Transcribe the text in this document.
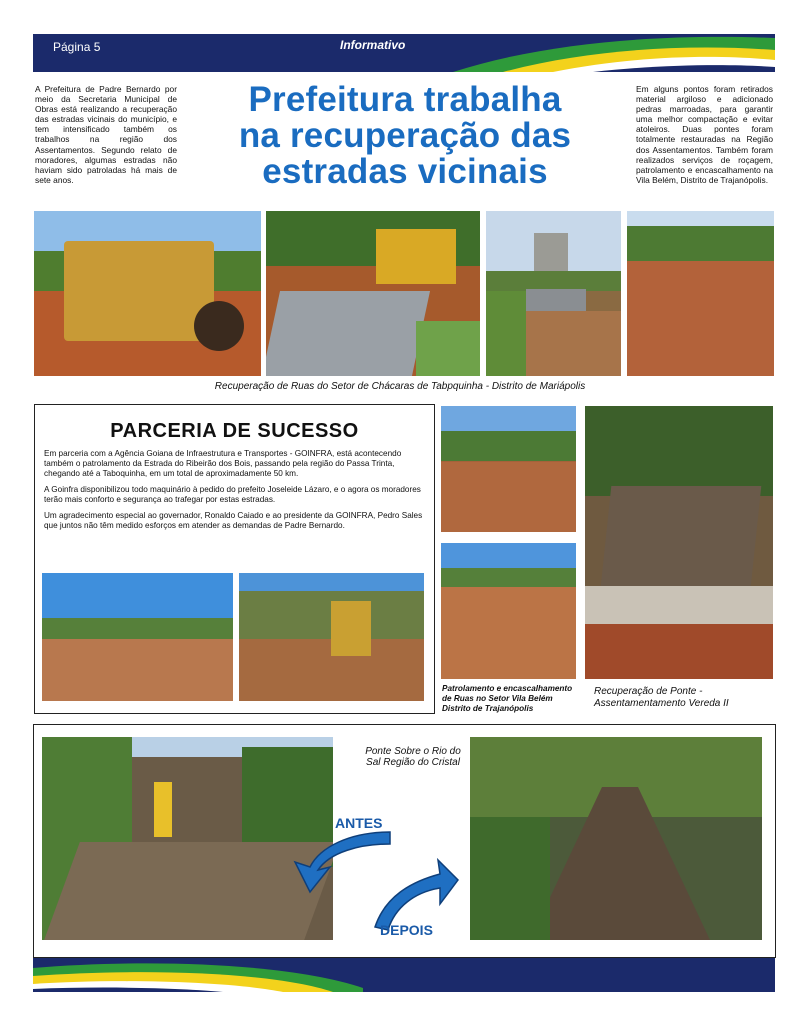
Página 5	Informativo
A Prefeitura de Padre Bernardo por meio da Secretaria Municipal de Obras está realizando a recuperação das estradas vicinais do município, e tem intensificado também os trabalhos na região dos Assentamentos. Segundo relato de moradores, algumas estradas não haviam sido patroladas há mais de sete anos.
Prefeitura trabalha
na recuperação das
estradas vicinais
Em alguns pontos foram retirados material argiloso e adicionado pedras marroadas, para garantir uma melhor compactação e evitar atoleiros. Duas pontes foram totalmente restauradas na Região dos Assentamentos. Também foram realizados serviços de roçagem, patrolamento e encascalhamento na Vila Belém, Distrito de Trajanópolis.
Recuperação de Ruas do Setor de Chácaras de Tabpquinha - Distrito de Mariápolis
PARCERIA DE SUCESSO

Em parceria com a Agência Goiana de Infraestrutura e Transportes - GOINFRA, está acontecendo também o patrolamento da Estrada do Ribeirão dos Bois, passando pela região do Passa Trinta, chegando até a Taboquinha, em um total de aproximadamente 50 km.

A Goinfra disponibilizou todo maquinário à pedido do prefeito Joseleide Lázaro, e o agora os moradores terão mais conforto e segurança ao trafegar por estas estradas.

Um agradecimento especial ao governador, Ronaldo Caiado e ao presidente da GOINFRA, Pedro Sales que juntos não têm medido esforços em atender as demandas de Padre Bernardo.

Patrolamento e encascalhamento de Ruas no Setor Vila Belém Distrito de Trajanópolis
Recuperação de Ponte - Assentamentamento Vereda II
Ponte Sobre o Rio do Sal Região do Cristal
ANTES
DEPOIS
